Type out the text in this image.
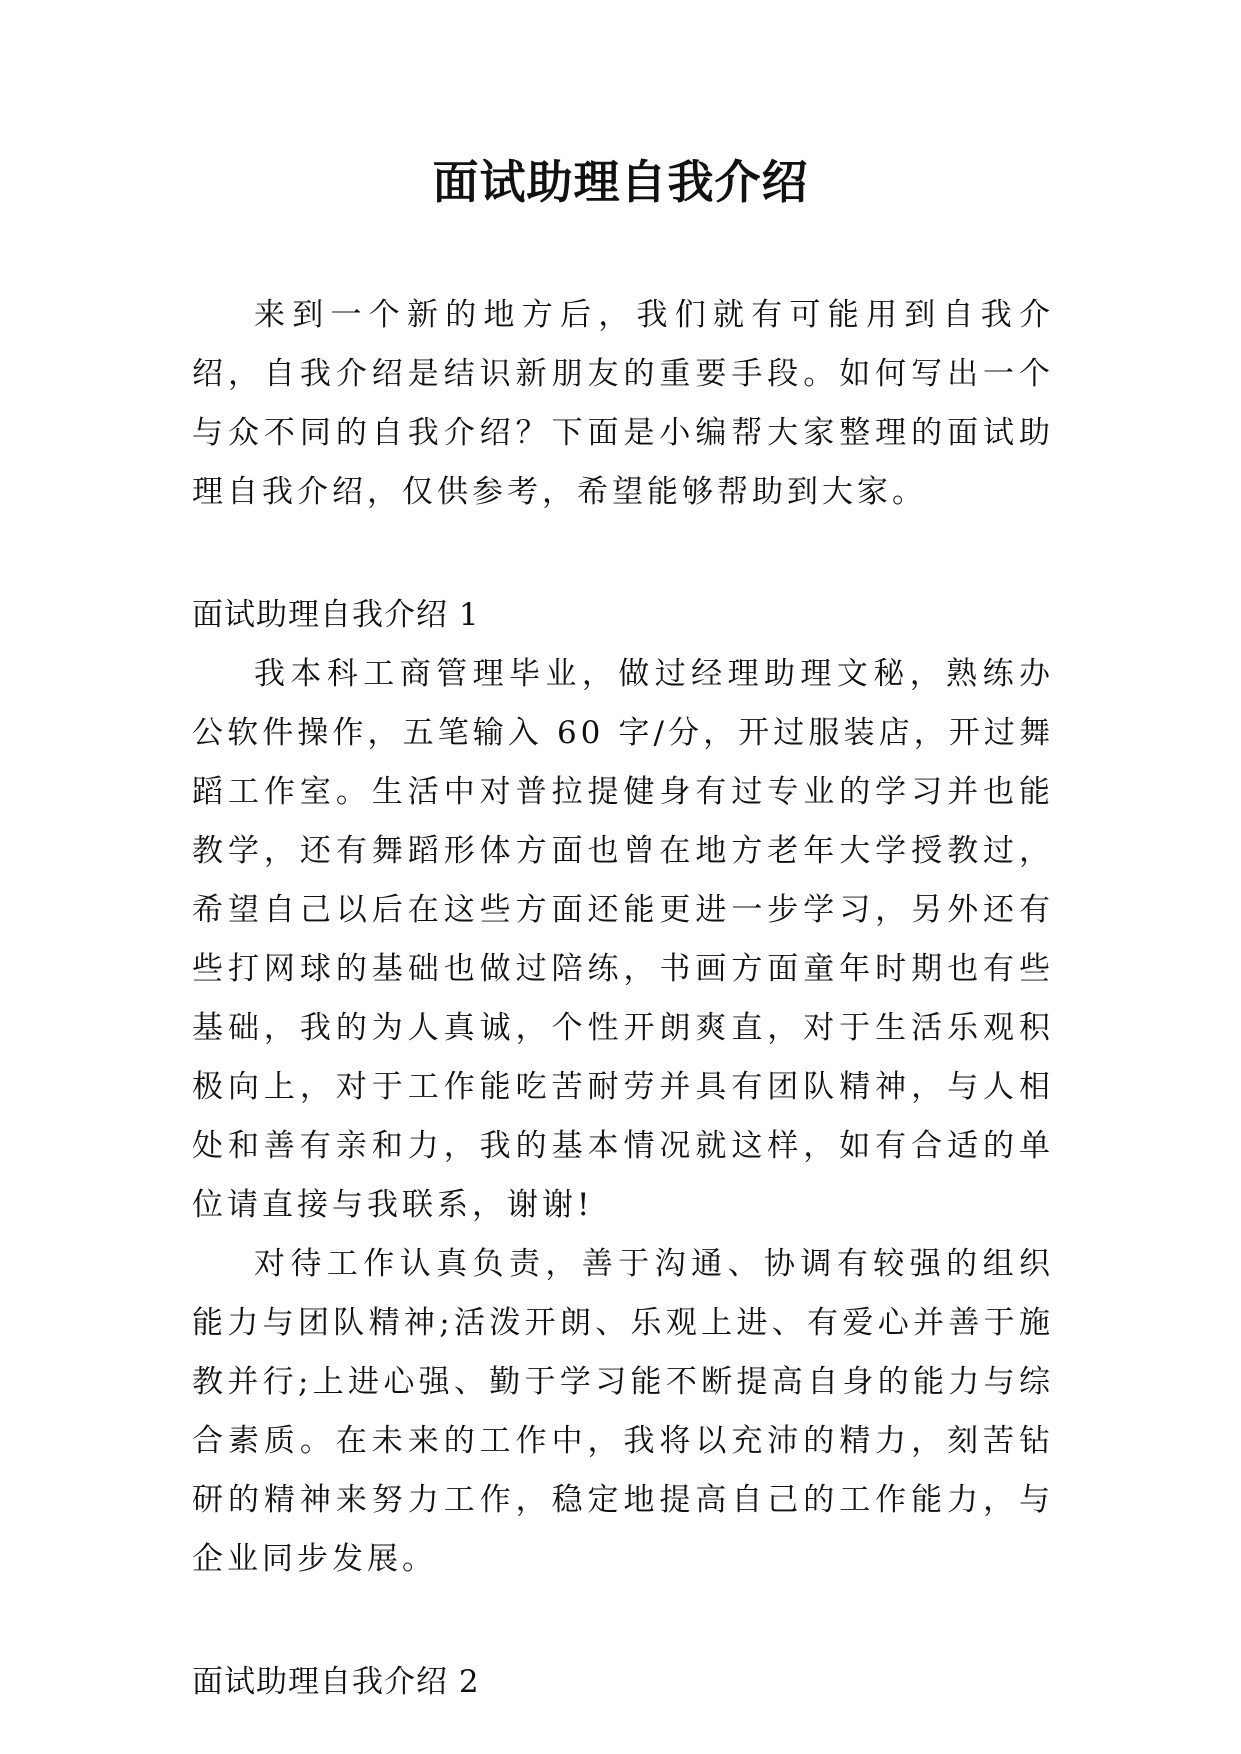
面试助理自我介绍

来到一个新的地方后，我们就有可能用到自我介绍，自我介绍是结识新朋友的重要手段。如何写出一个与众不同的自我介绍？下面是小编帮大家整理的面试助理自我介绍，仅供参考，希望能够帮助到大家。

面试助理自我介绍 1

我本科工商管理毕业，做过经理助理文秘，熟练办公软件操作，五笔输入 60 字/分，开过服装店，开过舞蹈工作室。生活中对普拉提健身有过专业的学习并也能教学，还有舞蹈形体方面也曾在地方老年大学授教过，希望自己以后在这些方面还能更进一步学习，另外还有些打网球的基础也做过陪练，书画方面童年时期也有些基础，我的为人真诚，个性开朗爽直，对于生活乐观积极向上，对于工作能吃苦耐劳并具有团队精神，与人相处和善有亲和力，我的基本情况就这样，如有合适的单位请直接与我联系，谢谢!

对待工作认真负责，善于沟通、协调有较强的组织能力与团队精神;活泼开朗、乐观上进、有爱心并善于施教并行;上进心强、勤于学习能不断提高自身的能力与综合素质。在未来的工作中，我将以充沛的精力，刻苦钻研的精神来努力工作，稳定地提高自己的工作能力，与企业同步发展。

面试助理自我介绍 2
